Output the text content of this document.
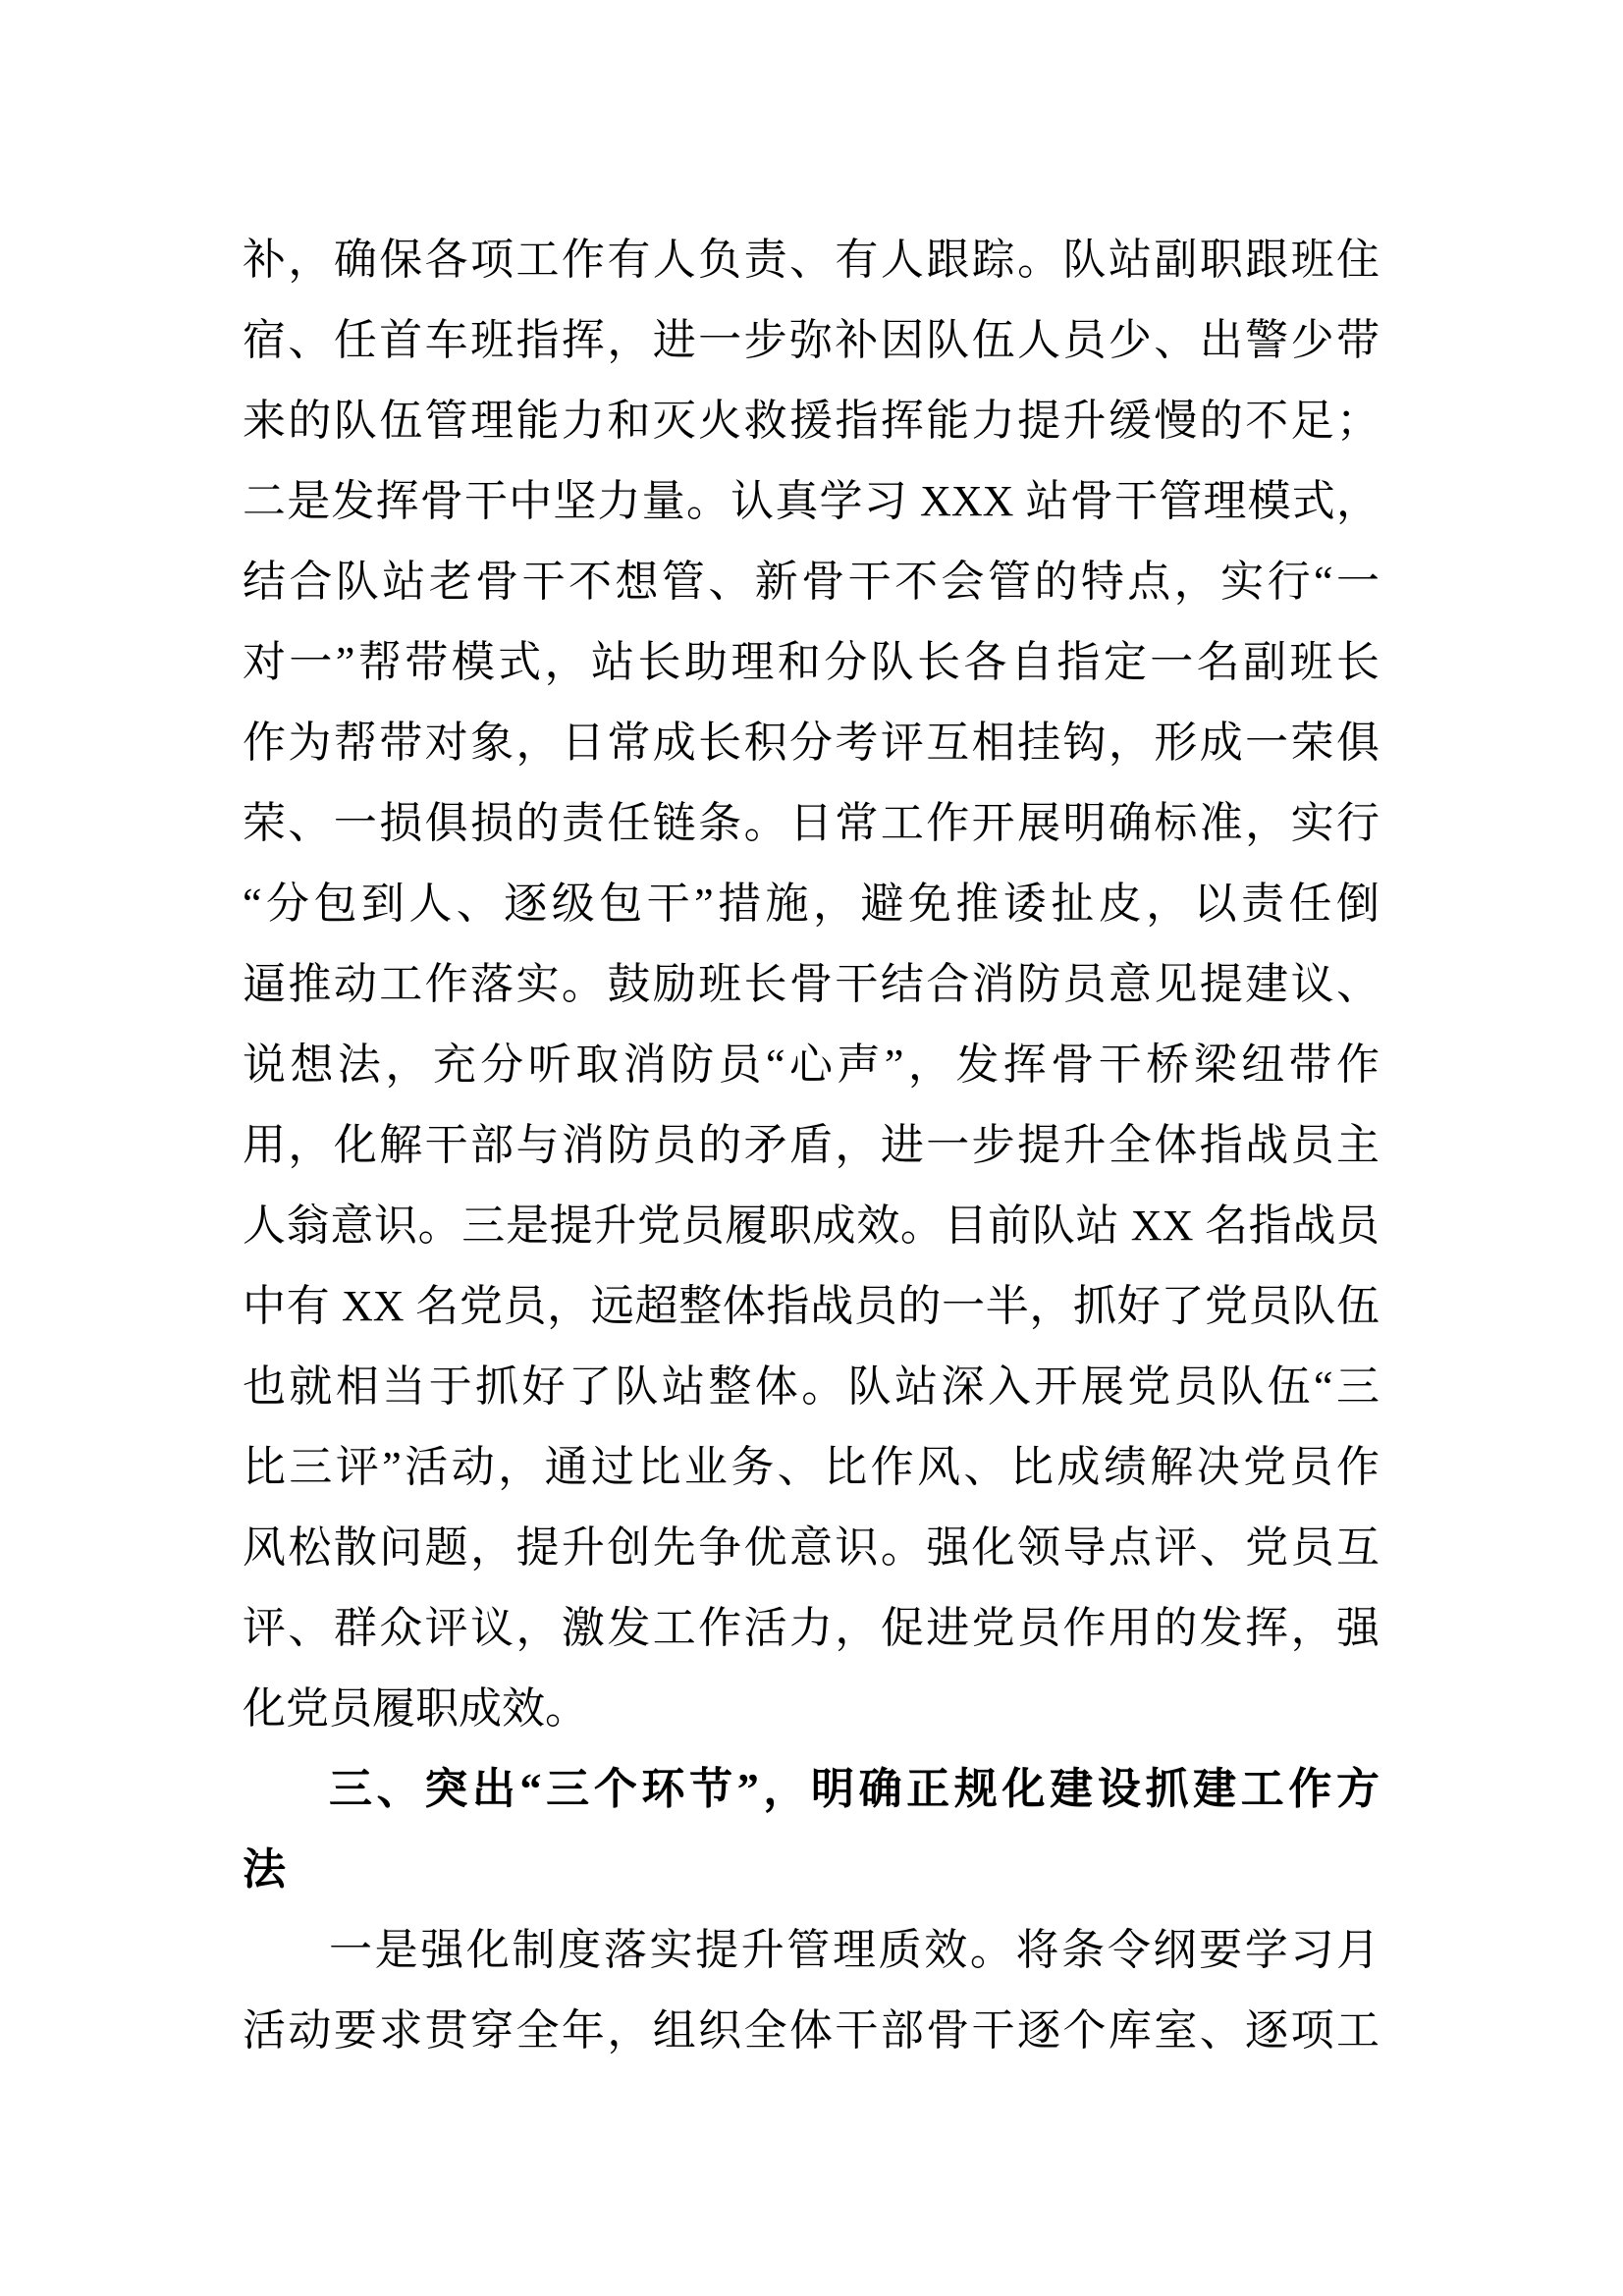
补，确保各项工作有人负责、有人跟踪。队站副职跟班住
宿、任首车班指挥，进一步弥补因队伍人员少、出警少带
来的队伍管理能力和灭火救援指挥能力提升缓慢的不足；
二是发挥骨干中坚力量。认真学习 XXX 站骨干管理模式，
结合队站老骨干不想管、新骨干不会管的特点，实行“一
对一”帮带模式，站长助理和分队长各自指定一名副班长
作为帮带对象，日常成长积分考评互相挂钩，形成一荣俱
荣、一损俱损的责任链条。日常工作开展明确标准，实行
“分包到人、逐级包干”措施，避免推诿扯皮，以责任倒
逼推动工作落实。鼓励班长骨干结合消防员意见提建议、
说想法，充分听取消防员“心声”，发挥骨干桥梁纽带作
用，化解干部与消防员的矛盾，进一步提升全体指战员主
人翁意识。三是提升党员履职成效。目前队站 XX 名指战员
中有 XX 名党员，远超整体指战员的一半，抓好了党员队伍
也就相当于抓好了队站整体。队站深入开展党员队伍“三
比三评”活动，通过比业务、比作风、比成绩解决党员作
风松散问题，提升创先争优意识。强化领导点评、党员互
评、群众评议，激发工作活力，促进党员作用的发挥，强
化党员履职成效。
三、突出“三个环节”，明确正规化建设抓建工作方
法
一是强化制度落实提升管理质效。将条令纲要学习月
活动要求贯穿全年，组织全体干部骨干逐个库室、逐项工
